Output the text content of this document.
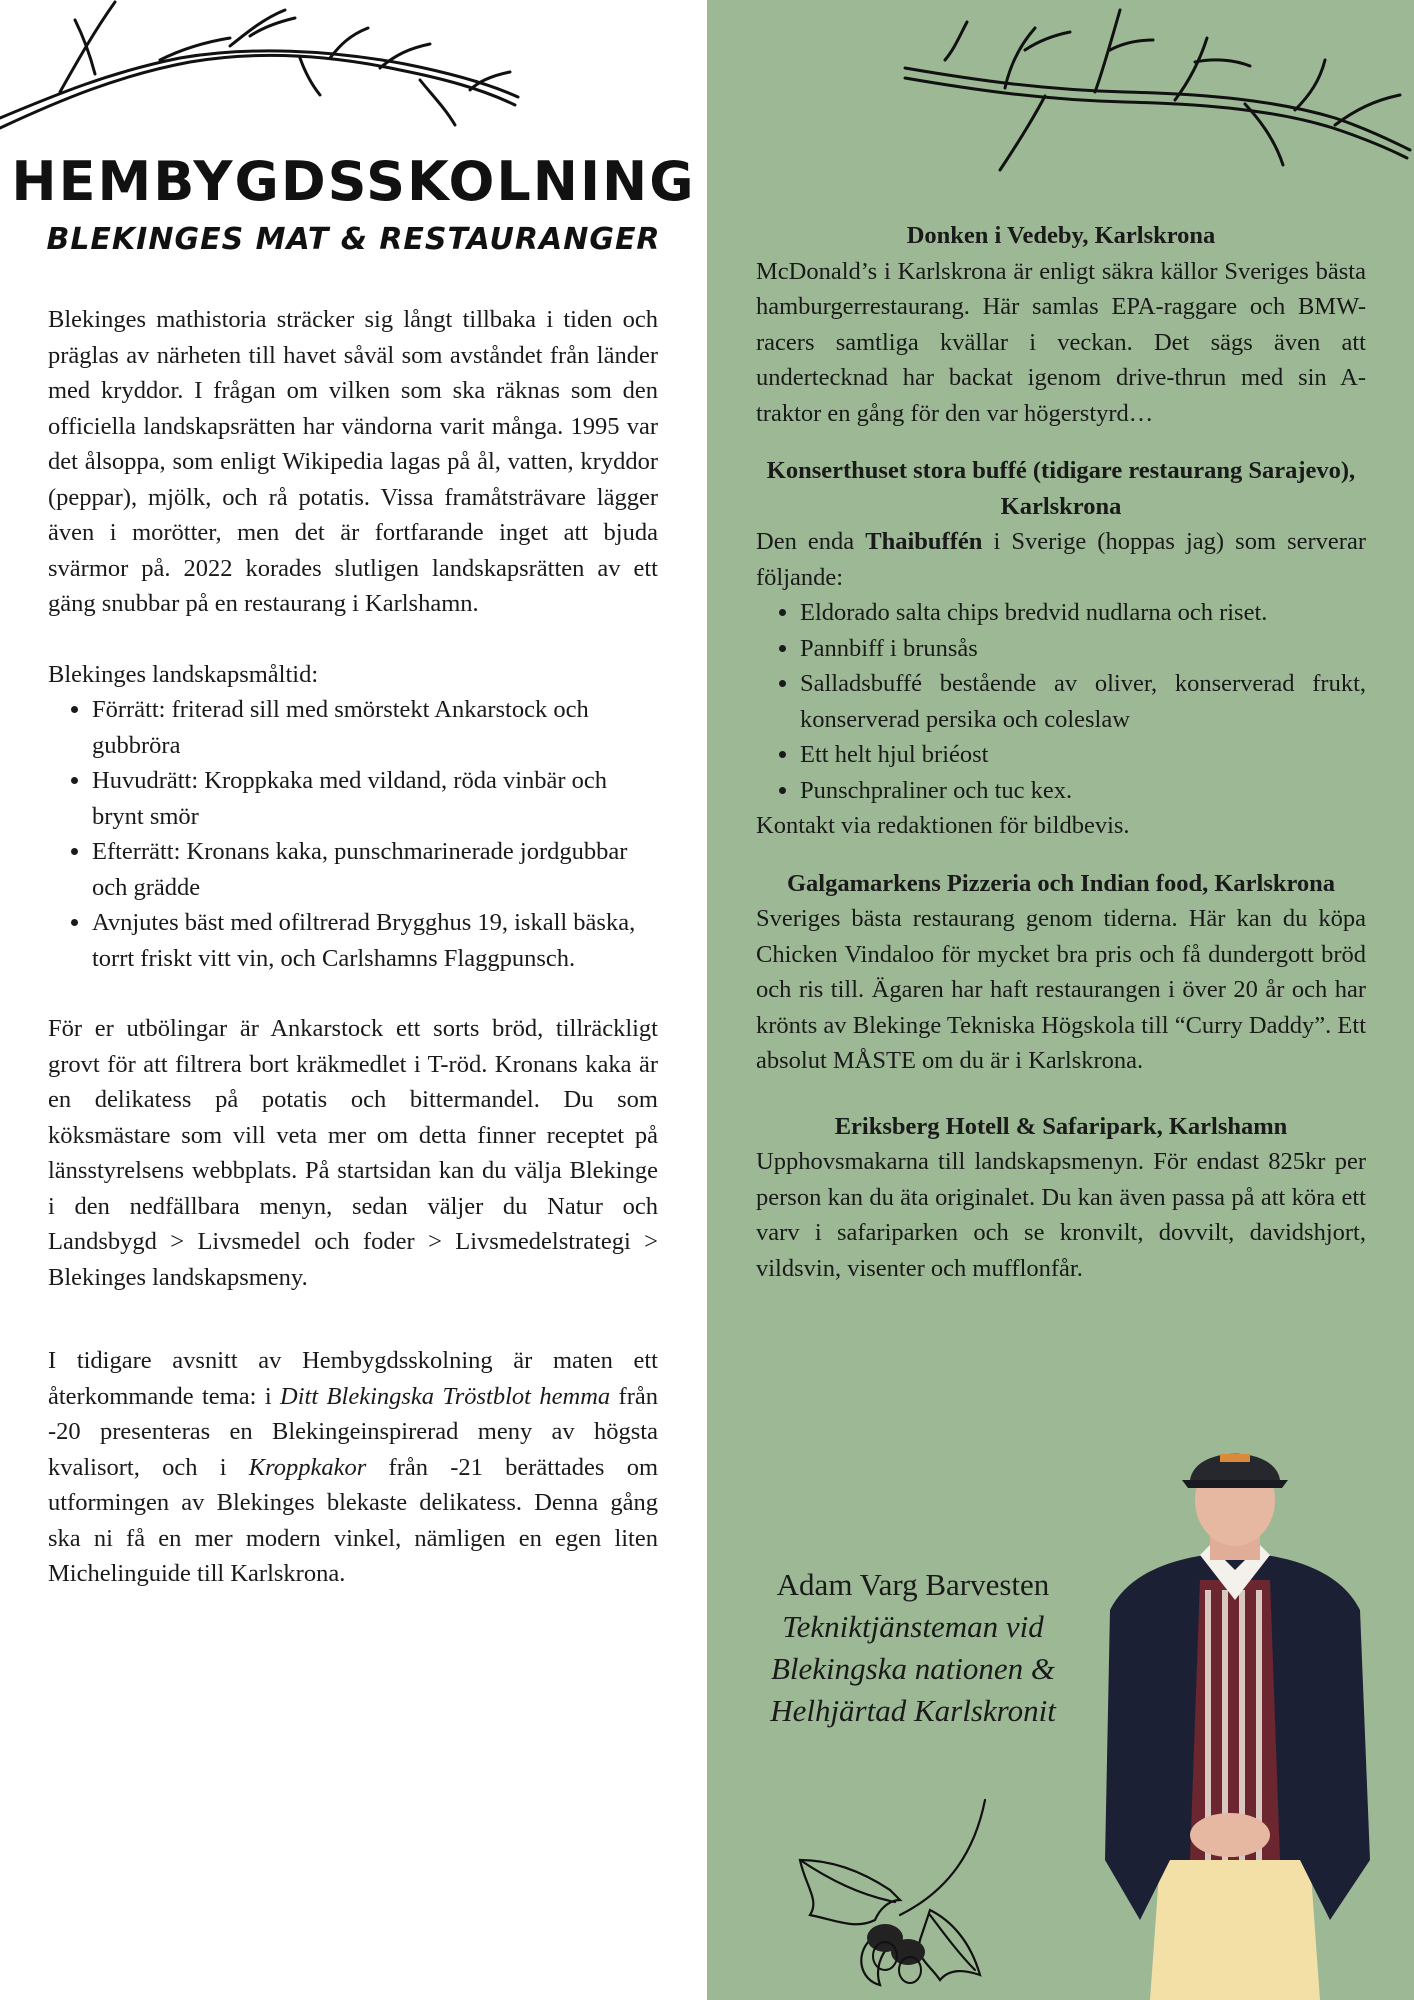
HEMBYGDSSKOLNING
BLEKINGES MAT & RESTAURANGER

Blekinges mathistoria sträcker sig långt tillbaka i tiden och präglas av närheten till havet såväl som avståndet från länder med kryddor. I frågan om vilken som ska räknas som den officiella landskapsrätten har vändorna varit många. 1995 var det ålsoppa, som enligt Wikipedia lagas på ål, vatten, kryddor (peppar), mjölk, och rå potatis. Vissa framåtsträvare lägger även i morötter, men det är fortfarande inget att bjuda svärmor på. 2022 korades slutligen landskapsrätten av ett gäng snubbar på en restaurang i Karlshamn.

Blekinges landskapsmåltid:

• Förrätt: friterad sill med smörstekt Ankarstock och gubbröra
• Huvudrätt: Kroppkaka med vildand, röda vinbär och brynt smör
• Efterrätt: Kronans kaka, punschmarinerade jordgubbar och grädde
• Avnjutes bäst med ofiltrerad Brygghus 19, iskall bäska, torrt friskt vitt vin, och Carlshamns Flaggpunsch.

För er utbölingar är Ankarstock ett sorts bröd, tillräckligt grovt för att filtrera bort kräkmedlet i T-röd. Kronans kaka är en delikatess på potatis och bittermandel. Du som köksmästare som vill veta mer om detta finner receptet på länsstyrelsens webbplats. På startsidan kan du välja Blekinge i den nedfällbara menyn, sedan väljer du Natur och Landsbygd > Livsmedel och foder > Livsmedelstrategi > Blekinges landskapsmeny.

I tidigare avsnitt av Hembygdsskolning är maten ett återkommande tema: i Ditt Blekingska Tröstblot hemma från -20 presenteras en Blekingeinspirerad meny av högsta kvalisort, och i Kroppkakor från -21 berättades om utformingen av Blekinges blekaste delikatess. Denna gång ska ni få en mer modern vinkel, nämligen en egen liten Michelinguide till Karlskrona.

Donken i Vedeby, Karlskrona

McDonald’s i Karlskrona är enligt säkra källor Sveriges bästa hamburgerrestaurang. Här samlas EPA-raggare och BMW-racers samtliga kvällar i veckan. Det sägs även att undertecknad har backat igenom drive-thrun med sin A-traktor en gång för den var högerstyrd…

Konserthuset stora buffé (tidigare restaurang Sarajevo), Karlskrona

Den enda Thaibuffén i Sverige (hoppas jag) som serverar följande:

• Eldorado salta chips bredvid nudlarna och riset.
• Pannbiff i brunsås
• Salladsbuffé bestående av oliver, konserverad frukt, konserverad persika och coleslaw
• Ett helt hjul briéost
• Punschpraliner och tuc kex.

Kontakt via redaktionen för bildbevis.

Galgamarkens Pizzeria och Indian food, Karlskrona

Sveriges bästa restaurang genom tiderna. Här kan du köpa Chicken Vindaloo för mycket bra pris och få dundergott bröd och ris till. Ägaren har haft restaurangen i över 20 år och har krönts av Blekinge Tekniska Högskola till “Curry Daddy”. Ett absolut MÅSTE om du är i Karlskrona.

Eriksberg Hotell & Safaripark, Karlshamn

Upphovsmakarna till landskapsmenyn. För endast 825kr per person kan du äta originalet. Du kan även passa på att köra ett varv i safariparken och se kronvilt, dovvilt, davidshjort, vildsvin, visenter och mufflonfår.

Adam Varg Barvesten
Tekniktjänsteman vid
Blekingska nationen &
Helhjärtad Karlskronit
